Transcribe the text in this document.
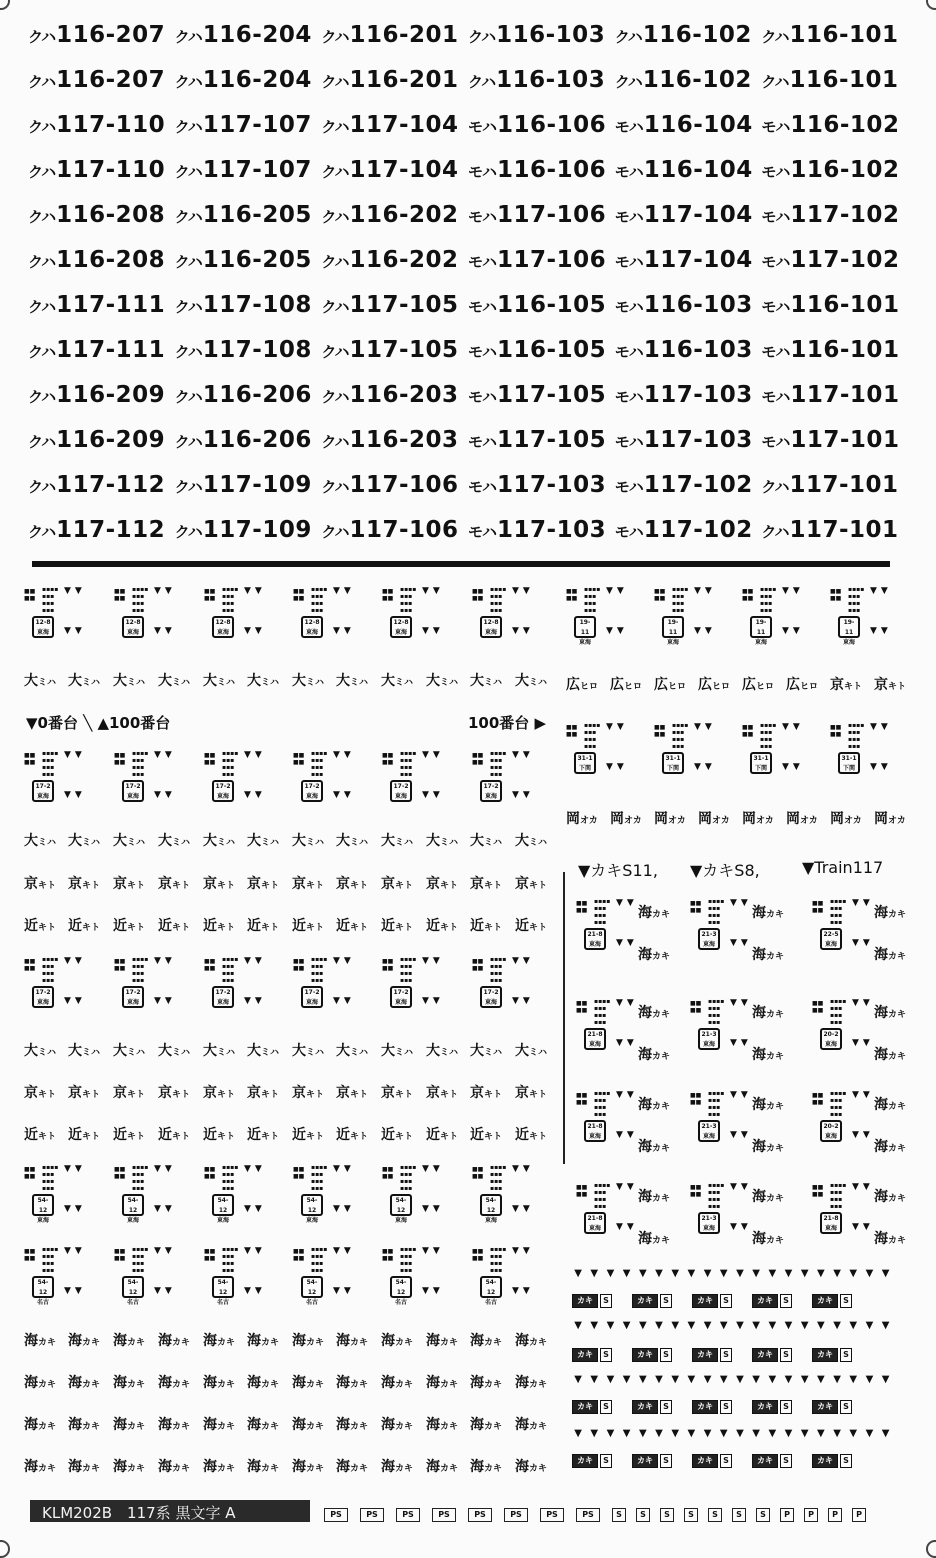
クハ116-207 クハ116-204 クハ116-201 クハ116-103 クハ116-102 クハ116-101
クハ116-207 クハ116-204 クハ116-201 クハ116-103 クハ116-102 クハ116-101
クハ117-110 クハ117-107 クハ117-104 モハ116-106 モハ116-104 モハ116-102
クハ117-110 クハ117-107 クハ117-104 モハ116-106 モハ116-104 モハ116-102
クハ116-208 クハ116-205 クハ116-202 モハ117-106 モハ117-104 モハ117-102
クハ116-208 クハ116-205 クハ116-202 モハ117-106 モハ117-104 モハ117-102
クハ117-111 クハ117-108 クハ117-105 モハ116-105 モハ116-103 モハ116-101
クハ117-111 クハ117-108 クハ117-105 モハ116-105 モハ116-103 モハ116-101
クハ116-209 クハ116-206 クハ116-203 モハ117-105 モハ117-103 モハ117-101
クハ116-209 クハ116-206 クハ116-203 モハ117-105 モハ117-103 モハ117-101
クハ117-112 クハ117-109 クハ117-106 モハ117-103 モハ117-102 クハ117-101
クハ117-112 クハ117-109 クハ117-106 モハ117-103 モハ117-102 クハ117-101
▼0番台 ╲ ▲100番台	100番台 ▶
▼カキS11, ▼カキS8,	▼Train117
■■
■■
▪▪▪▪
▪▪▪
▪▪▪
▪▪▪
▼▼
12-8
東海	▼▼
■■
■■
▪▪▪▪
▪▪▪
▪▪▪
▪▪▪
▼▼
12-8
東海	▼▼
■■
■■
▪▪▪▪
▪▪▪
▪▪▪
▪▪▪
▼▼
12-8
東海	▼▼
■■
■■
▪▪▪▪
▪▪▪
▪▪▪
▪▪▪
▼▼
12-8
東海	▼▼
■■
■■
▪▪▪▪
▪▪▪
▪▪▪
▪▪▪
▼▼
12-8
東海	▼▼
■■
■■
▪▪▪▪
▪▪▪
▪▪▪
▪▪▪
▼▼
12-8
東海	▼▼
大ミハ 大ミハ 大ミハ 大ミハ 大ミハ 大ミハ 大ミハ 大ミハ 大ミハ 大ミハ 大ミハ 大ミハ
■■
■■
▪▪▪▪
▪▪▪
▪▪▪
▪▪▪
▼▼
17-2
東海	▼▼
■■
■■
▪▪▪▪
▪▪▪
▪▪▪
▪▪▪
▼▼
17-2
東海	▼▼
■■
■■
▪▪▪▪
▪▪▪
▪▪▪
▪▪▪
▼▼
17-2
東海	▼▼
■■
■■
▪▪▪▪
▪▪▪
▪▪▪
▪▪▪
▼▼
17-2
東海	▼▼
■■
■■
▪▪▪▪
▪▪▪
▪▪▪
▪▪▪
▼▼
17-2
東海	▼▼
■■
■■
▪▪▪▪
▪▪▪
▪▪▪
▪▪▪
▼▼
17-2
東海	▼▼
大ミハ 大ミハ 大ミハ 大ミハ 大ミハ 大ミハ 大ミハ 大ミハ 大ミハ 大ミハ 大ミハ 大ミハ
京キト 京キト 京キト 京キト 京キト 京キト 京キト 京キト 京キト 京キト 京キト 京キト
近キト 近キト 近キト 近キト 近キト 近キト 近キト 近キト 近キト 近キト 近キト 近キト
■■
■■
▪▪▪▪
▪▪▪
▪▪▪
▪▪▪
▼▼
17-2
東海	▼▼
■■
■■
▪▪▪▪
▪▪▪
▪▪▪
▪▪▪
▼▼
17-2
東海	▼▼
■■
■■
▪▪▪▪
▪▪▪
▪▪▪
▪▪▪
▼▼
17-2
東海	▼▼
■■
■■
▪▪▪▪
▪▪▪
▪▪▪
▪▪▪
▼▼
17-2
東海	▼▼
■■
■■
▪▪▪▪
▪▪▪
▪▪▪
▪▪▪
▼▼
17-2
東海	▼▼
■■
■■
▪▪▪▪
▪▪▪
▪▪▪
▪▪▪
▼▼
17-2
東海	▼▼
大ミハ 大ミハ 大ミハ 大ミハ 大ミハ 大ミハ 大ミハ 大ミハ 大ミハ 大ミハ 大ミハ 大ミハ
京キト 京キト 京キト 京キト 京キト 京キト 京キト 京キト 京キト 京キト 京キト 京キト
近キト 近キト 近キト 近キト 近キト 近キト 近キト 近キト 近キト 近キト 近キト 近キト
■■
■■
▪▪▪▪
▪▪▪
▪▪▪
▪▪▪
▼▼
54-12
東海
▼▼
■■
■■
▪▪▪▪
▪▪▪
▪▪▪
▪▪▪
▼▼
54-12
東海
▼▼
■■
■■
▪▪▪▪
▪▪▪
▪▪▪
▪▪▪
▼▼
54-12
東海
▼▼
■■
■■
▪▪▪▪
▪▪▪
▪▪▪
▪▪▪
▼▼
54-12
東海
▼▼
■■
■■
▪▪▪▪
▪▪▪
▪▪▪
▪▪▪
▼▼
54-12
東海
▼▼
■■
■■
▪▪▪▪
▪▪▪
▪▪▪
▪▪▪
▼▼
54-12
東海
▼▼
■■
■■
▪▪▪▪
▪▪▪
▪▪▪
▪▪▪
▼▼
54-12
名古
▼▼
■■
■■
▪▪▪▪
▪▪▪
▪▪▪
▪▪▪
▼▼
54-12
名古
▼▼
■■
■■
▪▪▪▪
▪▪▪
▪▪▪
▪▪▪
▼▼
54-12
名古
▼▼
■■
■■
▪▪▪▪
▪▪▪
▪▪▪
▪▪▪
▼▼
54-12
名古
▼▼
■■
■■
▪▪▪▪
▪▪▪
▪▪▪
▪▪▪
▼▼
54-12
名古
▼▼
■■
■■
▪▪▪▪
▪▪▪
▪▪▪
▪▪▪
▼▼
54-12
名古
▼▼
海カキ 海カキ 海カキ 海カキ 海カキ 海カキ 海カキ 海カキ 海カキ 海カキ 海カキ 海カキ
海カキ 海カキ 海カキ 海カキ 海カキ 海カキ 海カキ 海カキ 海カキ 海カキ 海カキ 海カキ
海カキ 海カキ 海カキ 海カキ 海カキ 海カキ 海カキ 海カキ 海カキ 海カキ 海カキ 海カキ
海カキ 海カキ 海カキ 海カキ 海カキ 海カキ 海カキ 海カキ 海カキ 海カキ 海カキ 海カキ
■■
■■
▪▪▪▪
▪▪▪
▪▪▪
▪▪▪
▼▼
19-11
東海
▼▼
■■
■■
▪▪▪▪
▪▪▪
▪▪▪
▪▪▪
▼▼
19-11
東海
▼▼
■■
■■
▪▪▪▪
▪▪▪
▪▪▪
▪▪▪
▼▼
19-11
東海
▼▼
■■
■■
▪▪▪▪
▪▪▪
▪▪▪
▪▪▪
▼▼
19-11
東海
▼▼
広ヒロ 広ヒロ 広ヒロ 広ヒロ 広ヒロ 広ヒロ 京キト 京キト
■■
■■
▪▪▪▪
▪▪▪
▪▪▪
▪▪▪
▼▼
31-1
下関	▼▼
■■
■■
▪▪▪▪
▪▪▪
▪▪▪
▪▪▪
▼▼
31-1
下関	▼▼
■■
■■
▪▪▪▪
▪▪▪
▪▪▪
▪▪▪
▼▼
31-1
下関	▼▼
■■
■■
▪▪▪▪
▪▪▪
▪▪▪
▪▪▪
▼▼
31-1
下関	▼▼
岡オカ 岡オカ 岡オカ 岡オカ 岡オカ 岡オカ 岡オカ 岡オカ
■■
■■
▪▪▪▪
▪▪▪
▪▪▪
▪▪▪
▼▼
21-8
東海	▼▼
海カキ
海カキ
■■
■■
▪▪▪▪
▪▪▪
▪▪▪
▪▪▪
▼▼
21-3
東海	▼▼
海カキ
海カキ
■■
■■
▪▪▪▪
▪▪▪
▪▪▪
▪▪▪
▼▼
22-5
東海	▼▼
海カキ
海カキ
■■
■■
▪▪▪▪
▪▪▪
▪▪▪
▪▪▪
▼▼
21-8
東海	▼▼
海カキ
海カキ
■■
■■
▪▪▪▪
▪▪▪
▪▪▪
▪▪▪
▼▼
21-3
東海	▼▼
海カキ
海カキ
■■
■■
▪▪▪▪
▪▪▪
▪▪▪
▪▪▪
▼▼
20-2
東海	▼▼
海カキ
海カキ
■■
■■
▪▪▪▪
▪▪▪
▪▪▪
▪▪▪
▼▼
21-8
東海	▼▼
海カキ
海カキ
■■
■■
▪▪▪▪
▪▪▪
▪▪▪
▪▪▪
▼▼
21-3
東海	▼▼
海カキ
海カキ
■■
■■
▪▪▪▪
▪▪▪
▪▪▪
▪▪▪
▼▼
20-2
東海	▼▼
海カキ
海カキ
■■
■■
▪▪▪▪
▪▪▪
▪▪▪
▪▪▪
▼▼
21-8
東海	▼▼
海カキ
海カキ
■■
■■
▪▪▪▪
▪▪▪
▪▪▪
▪▪▪
▼▼
21-3
東海	▼▼
海カキ
海カキ
■■
■■
▪▪▪▪
▪▪▪
▪▪▪
▪▪▪
▼▼
21-8
東海	▼▼
海カキ
海カキ
▼ ▼ ▼ ▼ ▼ ▼ ▼ ▼ ▼ ▼ ▼ ▼ ▼ ▼ ▼ ▼ ▼ ▼ ▼ ▼
▼ ▼ ▼ ▼ ▼ ▼ ▼ ▼ ▼ ▼ ▼ ▼ ▼ ▼ ▼ ▼ ▼ ▼ ▼ ▼
▼ ▼ ▼ ▼ ▼ ▼ ▼ ▼ ▼ ▼ ▼ ▼ ▼ ▼ ▼ ▼ ▼ ▼ ▼ ▼
▼ ▼ ▼ ▼ ▼ ▼ ▼ ▼ ▼ ▼ ▼ ▼ ▼ ▼ ▼ ▼ ▼ ▼ ▼ ▼
カキ	S	カキ	S	カキ	S	カキ	S	カキ	S
カキ	S	カキ	S	カキ	S	カキ	S	カキ	S
カキ	S	カキ	S	カキ	S	カキ	S	カキ	S
カキ	S	カキ	S	カキ	S	カキ	S	カキ	S
KLM202B　117系 黒文字 A	PS	PS	PS	PS	PS	PS	PS	PS	S	S	S	S	S	S	S	P	P	P	P
